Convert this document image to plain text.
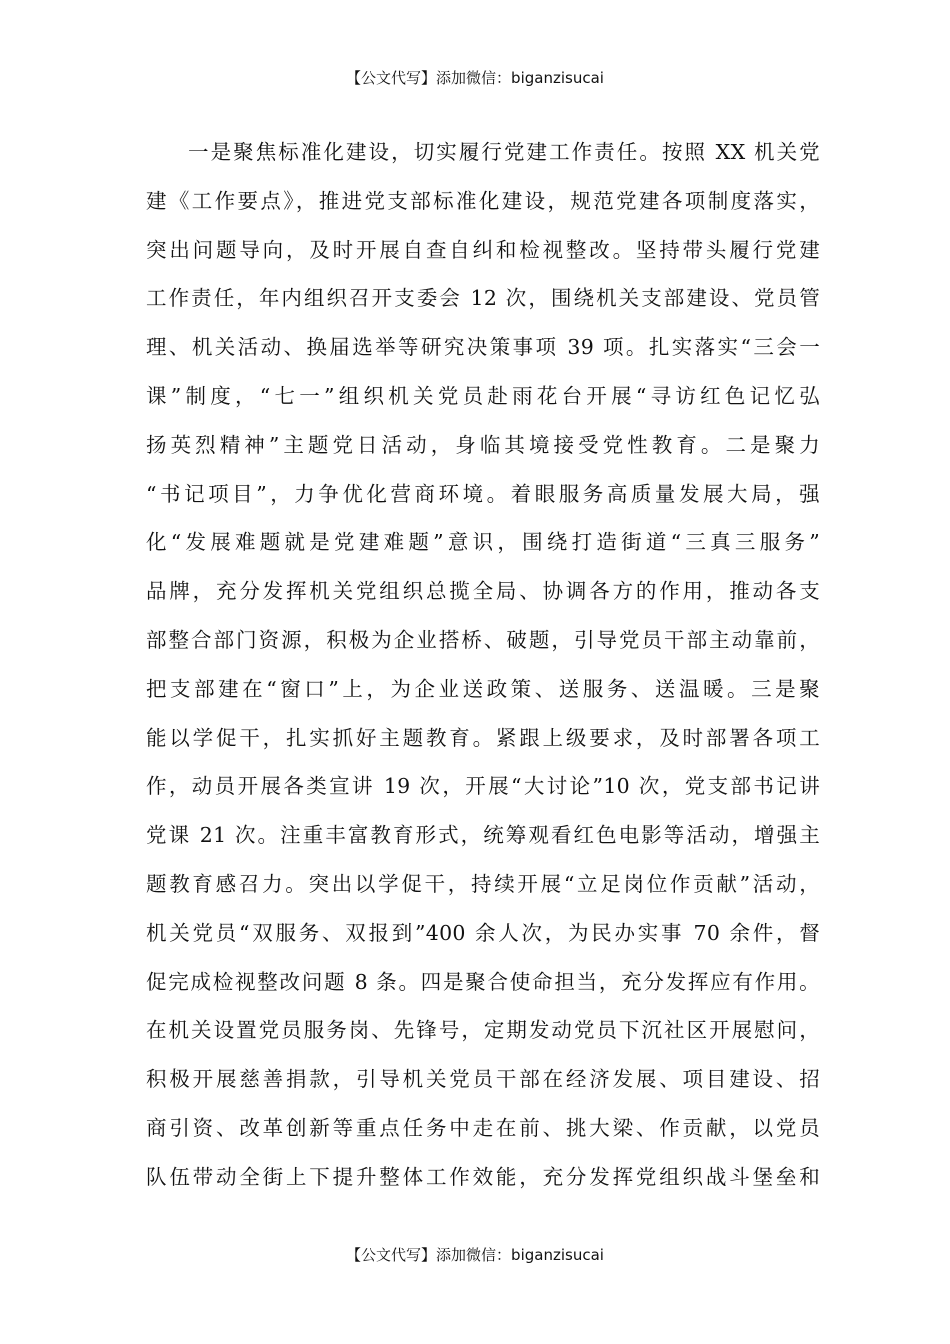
【公文代写】添加微信：biganzisucai
一是聚焦标准化建设，切实履行党建工作责任。按照 XX 机关党
建《工作要点》，推进党支部标准化建设，规范党建各项制度落实，
突出问题导向，及时开展自查自纠和检视整改。坚持带头履行党建
工作责任，年内组织召开支委会 12 次，围绕机关支部建设、党员管
理、机关活动、换届选举等研究决策事项 39 项。扎实落实“三会一
课”制度，“七一”组织机关党员赴雨花台开展“寻访红色记忆弘
扬英烈精神”主题党日活动，身临其境接受党性教育。二是聚力
“书记项目”，力争优化营商环境。着眼服务高质量发展大局，强
化“发展难题就是党建难题”意识，围绕打造街道“三真三服务”
品牌，充分发挥机关党组织总揽全局、协调各方的作用，推动各支
部整合部门资源，积极为企业搭桥、破题，引导党员干部主动靠前，
把支部建在“窗口”上，为企业送政策、送服务、送温暖。三是聚
能以学促干，扎实抓好主题教育。紧跟上级要求，及时部署各项工
作，动员开展各类宣讲 19 次，开展“大讨论”10 次，党支部书记讲
党课 21 次。注重丰富教育形式，统筹观看红色电影等活动，增强主
题教育感召力。突出以学促干，持续开展“立足岗位作贡献”活动，
机关党员“双服务、双报到”400 余人次，为民办实事 70 余件，督
促完成检视整改问题 8 条。四是聚合使命担当，充分发挥应有作用。
在机关设置党员服务岗、先锋号，定期发动党员下沉社区开展慰问，
积极开展慈善捐款，引导机关党员干部在经济发展、项目建设、招
商引资、改革创新等重点任务中走在前、挑大梁、作贡献，以党员
队伍带动全街上下提升整体工作效能，充分发挥党组织战斗堡垒和
【公文代写】添加微信：biganzisucai
